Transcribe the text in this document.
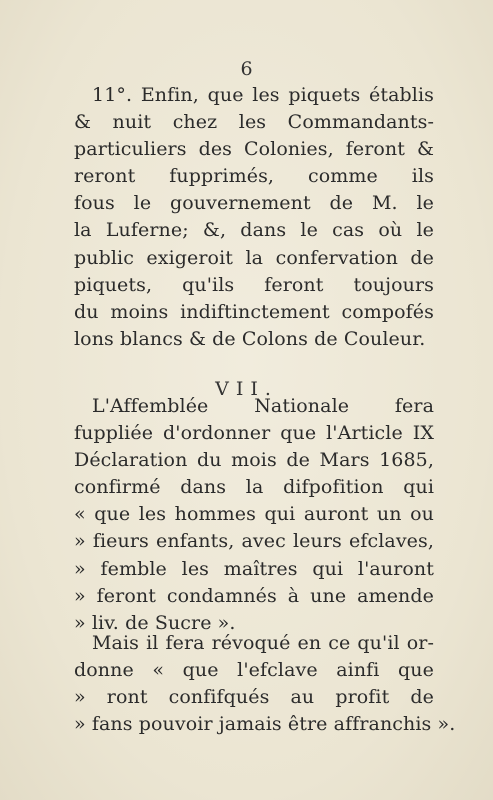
6
11°. Enfin, que les piquets établis
& nuit chez les Commandants-
particuliers des Colonies, feront &
reront fupprimés, comme ils
fous le gouvernement de M. le
la Luferne; &, dans le cas où le
public exigeroit la confervation de
piquets, qu'ils feront toujours
du moins indiftinctement compofés
lons blancs & de Colons de Couleur.
VII.
L'Affemblée Nationale fera
fuppliée d'ordonner que l'Article IX
Déclaration du mois de Mars 1685,
confirmé dans la difpofition qui
« que les hommes qui auront un ou
» fieurs enfants, avec leurs efclaves,
» femble les maîtres qui l'auront
» feront condamnés à une amende
» liv. de Sucre ».
Mais il fera révoqué en ce qu'il or-
donne « que l'efclave ainfi que
» ront confifqués au profit de
» fans pouvoir jamais être affranchis ».
